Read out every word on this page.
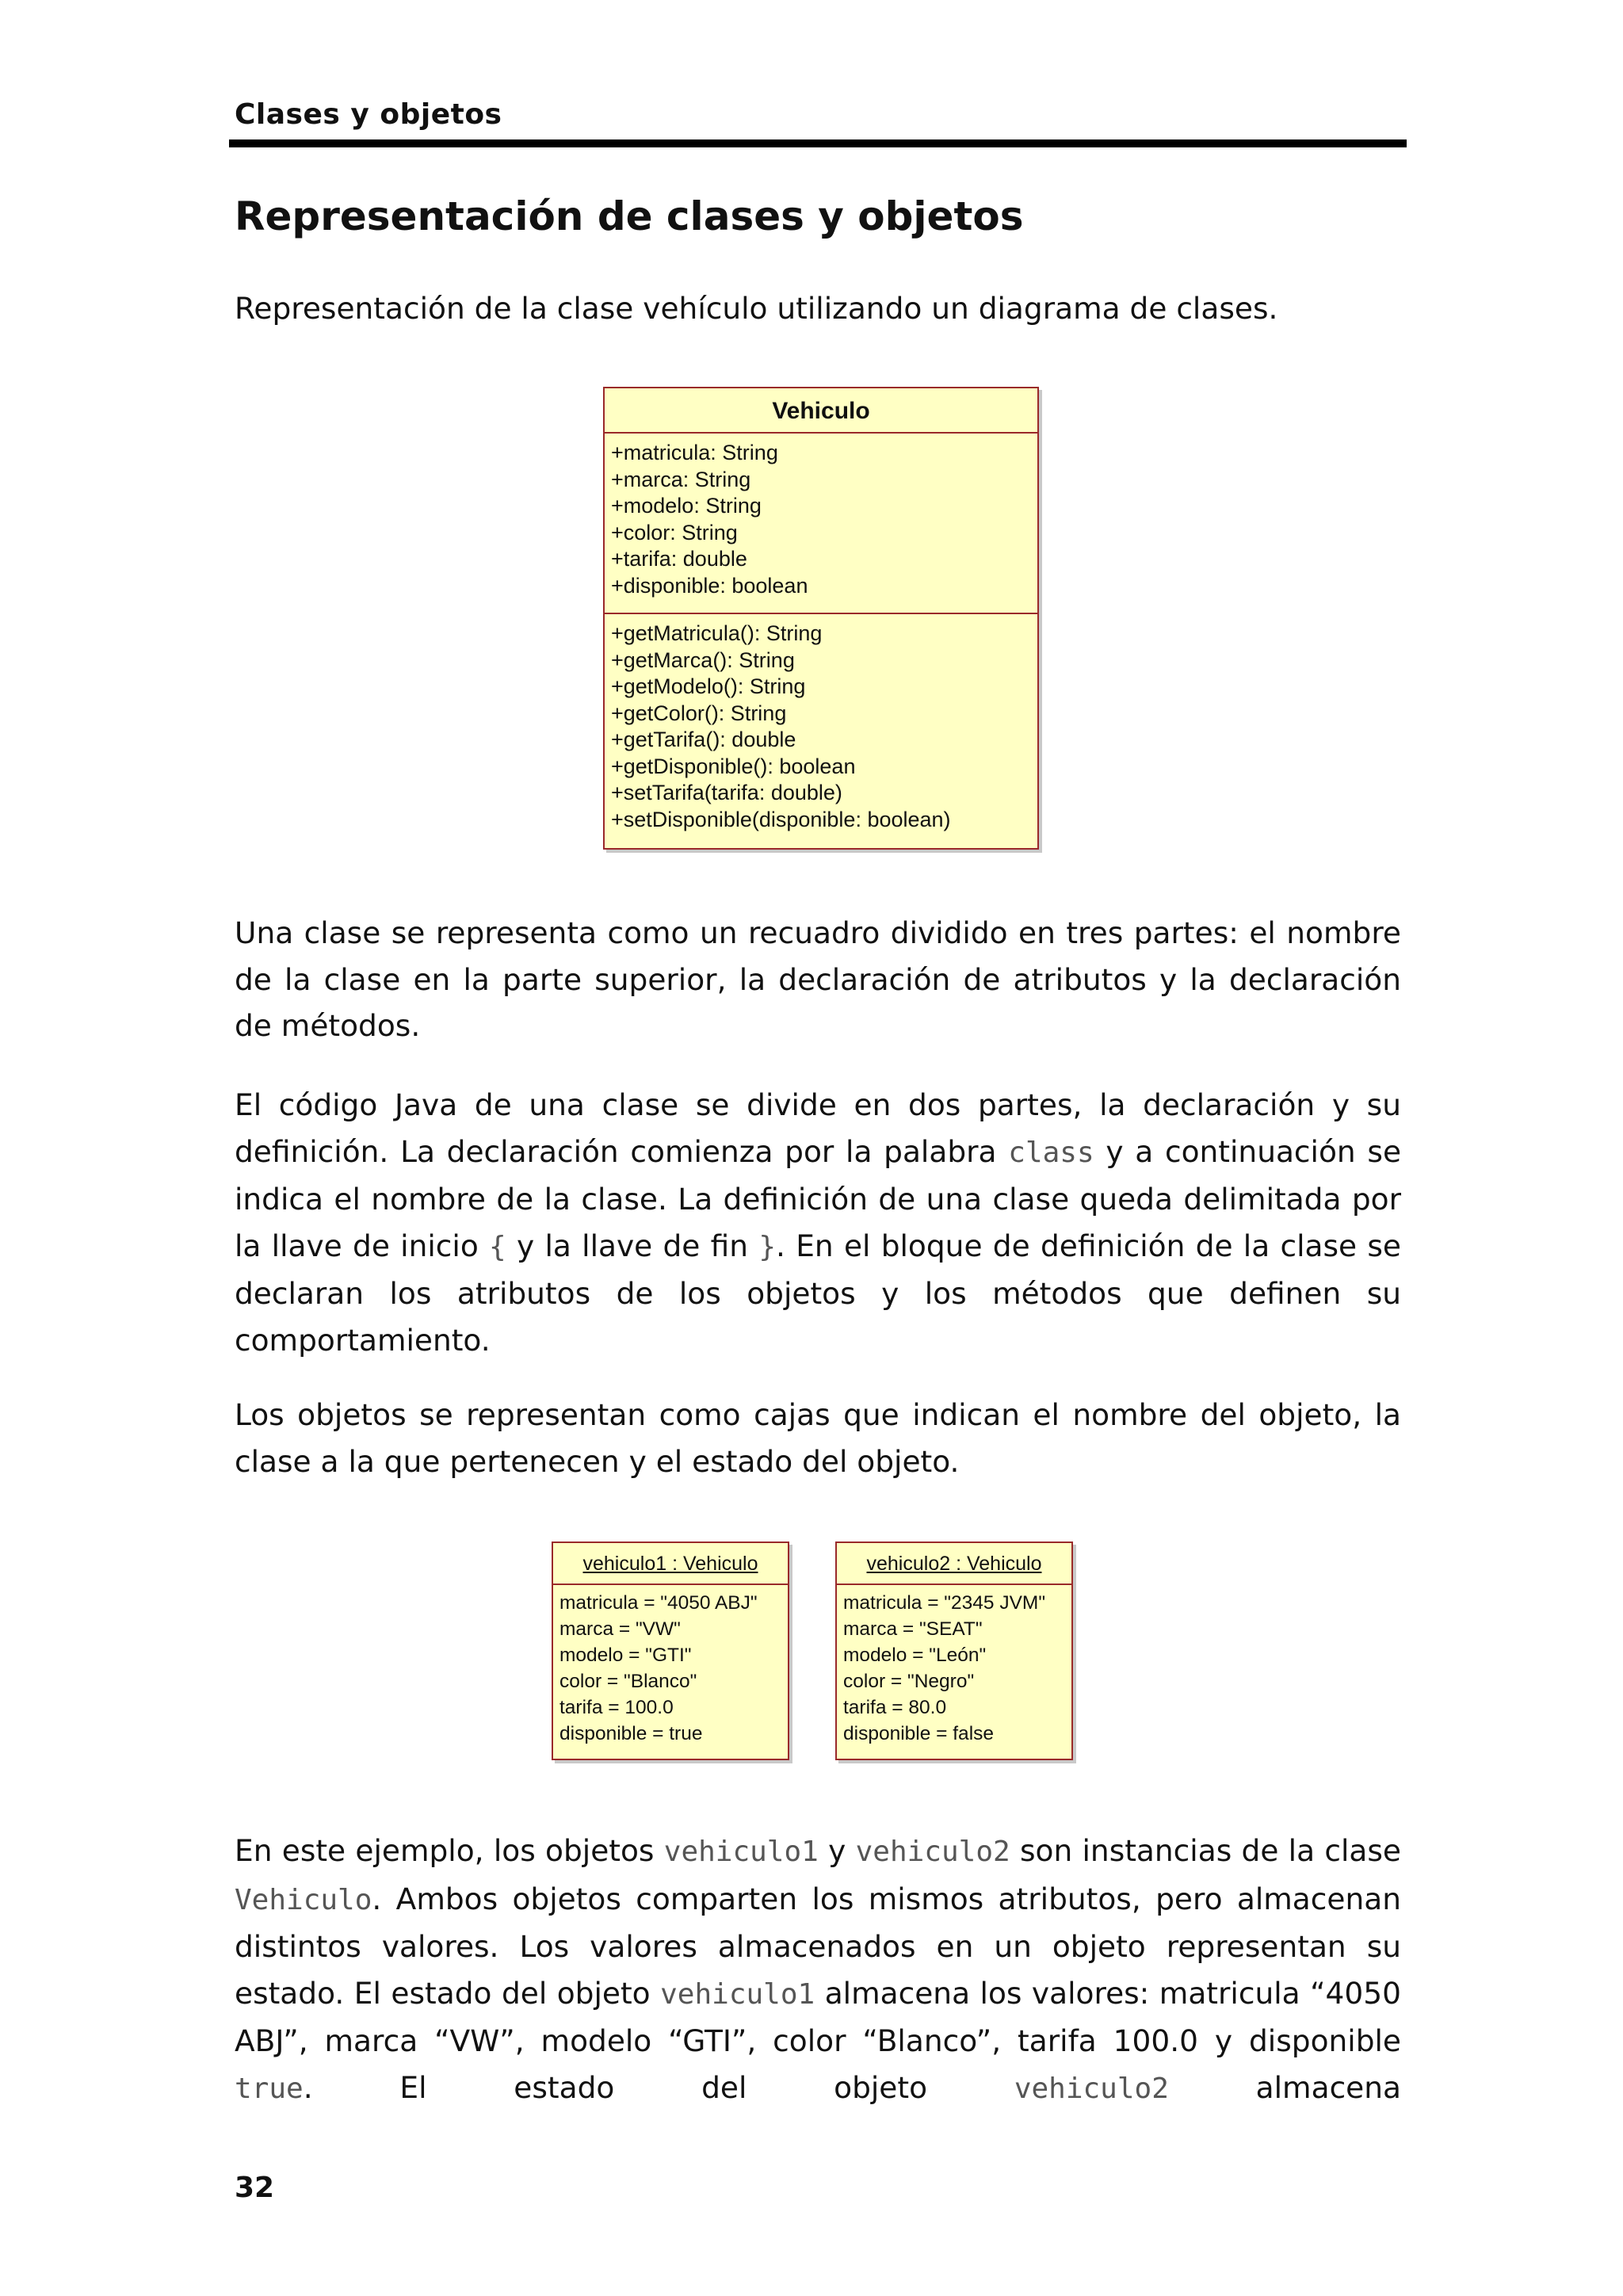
Clases y objetos
Representación de clases y objetos

Representación de la clase vehículo utilizando un diagrama de clases.

Vehiculo
+matricula: String
+marca: String
+modelo: String
+color: String
+tarifa: double
+disponible: boolean
+getMatricula(): String
+getMarca(): String
+getModelo(): String
+getColor(): String
+getTarifa(): double
+getDisponible(): boolean
+setTarifa(tarifa: double)
+setDisponible(disponible: boolean)

Una clase se representa como un recuadro dividido en tres partes: el nombre de la clase en la parte superior, la declaración de atributos y la declaración de métodos.

El código Java de una clase se divide en dos partes, la declaración y su definición. La declaración comienza por la palabra class y a continuación se indica el nombre de la clase. La definición de una clase queda delimitada por la llave de inicio { y la llave de fin }. En el bloque de definición de la clase se declaran los atributos de los objetos y los métodos que definen su comportamiento.

Los objetos se representan como cajas que indican el nombre del objeto, la clase a la que pertenecen y el estado del objeto.

vehiculo1 : Vehiculo
matricula = "4050 ABJ"
marca = "VW"
modelo = "GTI"
color = "Blanco"
tarifa = 100.0
disponible = true
vehiculo2 : Vehiculo
matricula = "2345 JVM"
marca = "SEAT"
modelo = "León"
color = "Negro"
tarifa = 80.0
disponible = false

En este ejemplo, los objetos vehiculo1 y vehiculo2 son instancias de la clase Vehiculo. Ambos objetos comparten los mismos atributos, pero almacenan distintos valores. Los valores almacenados en un objeto representan su estado. El estado del objeto vehiculo1 almacena los valores: matricula “4050 ABJ”, marca “VW”, modelo “GTI”, color “Blanco”, tarifa 100.0 y disponible true. El estado del objeto vehiculo2 almacena

32
